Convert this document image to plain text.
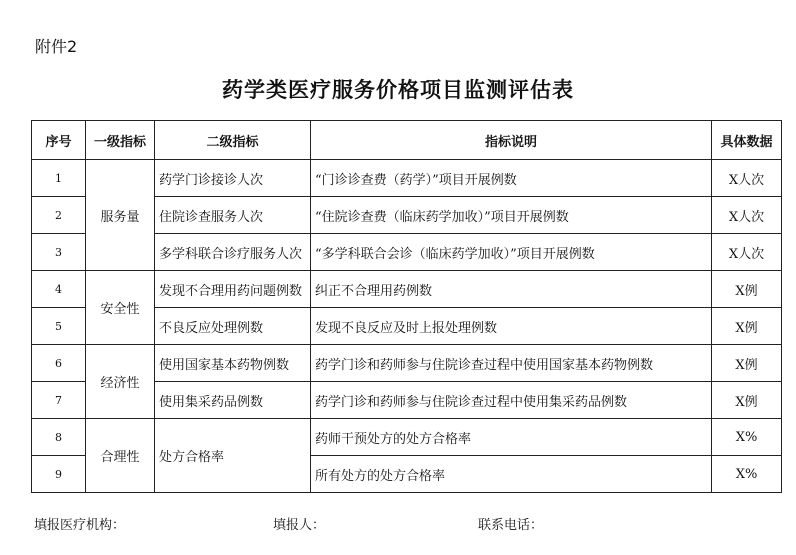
附件2
药学类医疗服务价格项目监测评估表
序号	一级指标	二级指标	指标说明	具体数据
1	服务量	药学门诊接诊人次	“门诊诊查费（药学）”项目开展例数	X人次
2		住院诊查服务人次	“住院诊查费（临床药学加收）”项目开展例数	X人次
3		多学科联合诊疗服务人次	“多学科联合会诊（临床药学加收）”项目开展例数	X人次
4	安全性	发现不合理用药问题例数	纠正不合理用药例数	X例
5		不良反应处理例数	发现不良反应及时上报处理例数	X例
6	经济性	使用国家基本药物例数	药学门诊和药师参与住院诊查过程中使用国家基本药物例数	X例
7		使用集采药品例数	药学门诊和药师参与住院诊查过程中使用集采药品例数	X例
8	合理性	处方合格率	药师干预处方的处方合格率	X%
9			所有处方的处方合格率	X%
填报医疗机构：	填报人：	联系电话：
